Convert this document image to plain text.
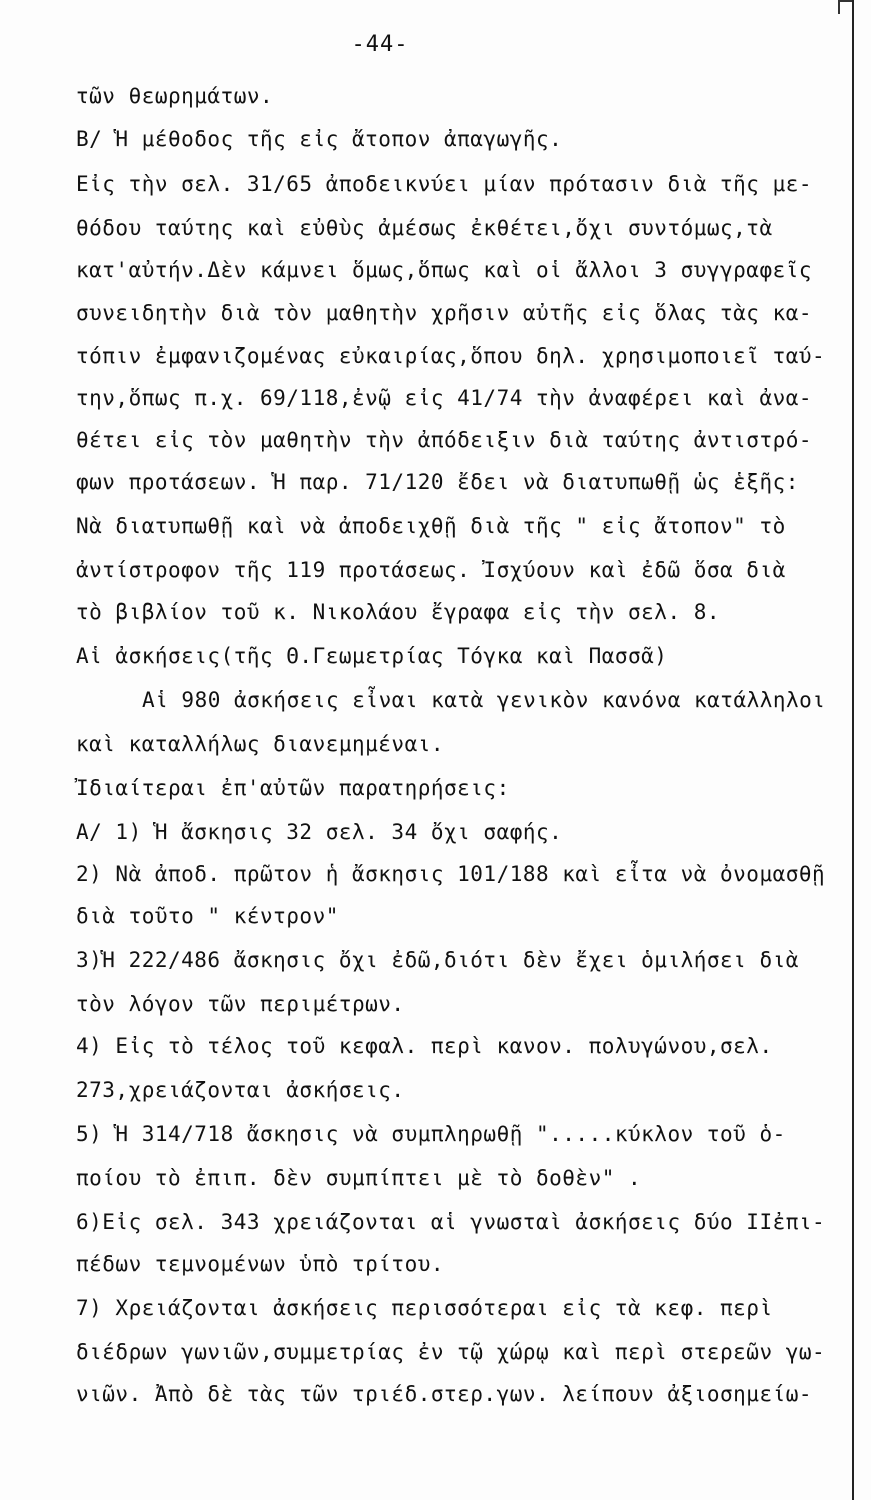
-44-
τῶν θεωρημάτων.
Β/ Ἡ μέθοδος τῆς εἰς ἄτοπον ἀπαγωγῆς.
Εἰς τὴν σελ. 31/65 ἀποδεικνύει μίαν πρότασιν διὰ τῆς με-
θόδου ταύτης καὶ εὐθὺς ἀμέσως ἐκθέτει,ὄχι συντόμως,τὰ
κατ'αὐτήν.Δὲν κάμνει ὅμως,ὅπως καὶ οἱ ἄλλοι 3 συγγραφεῖς
συνειδητὴν διὰ τὸν μαθητὴν χρῆσιν αὐτῆς εἰς ὅλας τὰς κα-
τόπιν ἐμφανιζομένας εὐκαιρίας,ὅπου δηλ. χρησιμοποιεῖ ταύ-
την,ὅπως π.χ. 69/118,ἐνῷ εἰς 41/74 τὴν ἀναφέρει καὶ ἀνα-
θέτει εἰς τὸν μαθητὴν τὴν ἀπόδειξιν διὰ ταύτης ἀντιστρό-
φων προτάσεων. Ἡ παρ. 71/120 ἔδει νὰ διατυπωθῇ ὡς ἑξῆς:
Νὰ διατυπωθῇ καὶ νὰ ἀποδειχθῇ διὰ τῆς " εἰς ἄτοπον" τὸ
ἀντίστροφον τῆς 119 προτάσεως. Ἰσχύουν καὶ ἐδῶ ὅσα διὰ
τὸ βιβλίον τοῦ κ. Νικολάου ἔγραφα εἰς τὴν σελ. 8.
Αἱ ἀσκήσεις(τῆς Θ.Γεωμετρίας Τόγκα καὶ Πασσᾶ)
Αἱ 980 ἀσκήσεις εἶναι κατὰ γενικὸν κανόνα κατάλληλοι
καὶ καταλλήλως διανεμημέναι.
Ἰδιαίτεραι ἐπ'αὐτῶν παρατηρήσεις:
Α/ 1) Ἡ ἄσκησις 32 σελ. 34 ὄχι σαφής.
2) Νὰ ἀποδ. πρῶτον ἡ ἄσκησις 101/188 καὶ εἶτα νὰ ὀνομασθῇ
διὰ τοῦτο " κέντρον"
3)Ἡ 222/486 ἄσκησις ὄχι ἐδῶ,διότι δὲν ἔχει ὁμιλήσει διὰ
τὸν λόγον τῶν περιμέτρων.
4) Εἰς τὸ τέλος τοῦ κεφαλ. περὶ κανον. πολυγώνου,σελ.
273,χρειάζονται ἀσκήσεις.
5) Ἡ 314/718 ἄσκησις νὰ συμπληρωθῇ ".....κύκλον τοῦ ὁ-
ποίου τὸ ἐπιπ. δὲν συμπίπτει μὲ τὸ δοθὲν" .
6)Εἰς σελ. 343 χρειάζονται αἱ γνωσταὶ ἀσκήσεις δύο ΙΙἐπι-
πέδων τεμνομένων ὑπὸ τρίτου.
7) Χρειάζονται ἀσκήσεις περισσότεραι εἰς τὰ κεφ. περὶ
διέδρων γωνιῶν,συμμετρίας ἐν τῷ χώρῳ καὶ περὶ στερεῶν γω-
νιῶν. Ἀπὸ δὲ τὰς τῶν τριέδ.στερ.γων. λείπουν ἀξιοσημείω-
